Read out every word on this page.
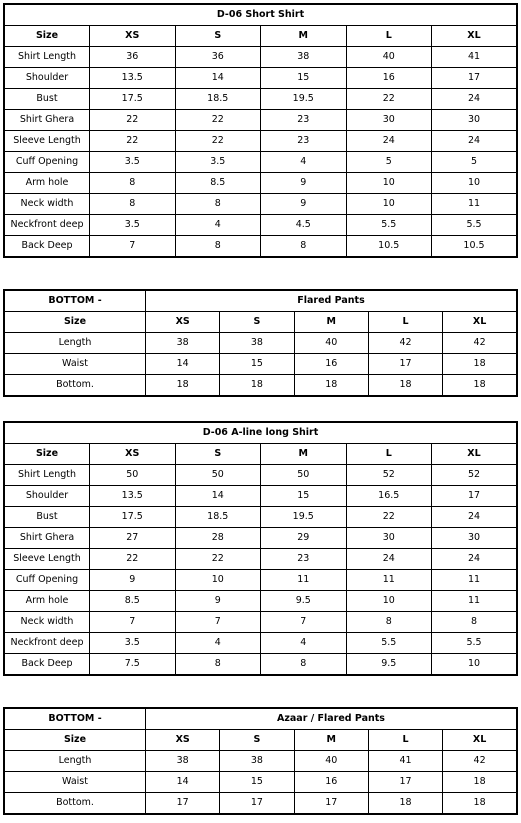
D-06 Short Shirt					
Size	XS	S	M	L	XL
Shirt Length	36	36	38	40	41
Shoulder	13.5	14	15	16	17
Bust	17.5	18.5	19.5	22	24
Shirt Ghera	22	22	23	30	30
Sleeve Length	22	22	23	24	24
Cuff Opening	3.5	3.5	4	5	5
Arm hole	8	8.5	9	10	10
Neck width	8	8	9	10	11
Neckfront deep	3.5	4	4.5	5.5	5.5
Back Deep	7	8	8	10.5	10.5
BOTTOM -	Flared Pants				
Size	XS	S	M	L	XL
Length	38	38	40	42	42
Waist	14	15	16	17	18
Bottom.	18	18	18	18	18
D-06 A-line long Shirt					
Size	XS	S	M	L	XL
Shirt Length	50	50	50	52	52
Shoulder	13.5	14	15	16.5	17
Bust	17.5	18.5	19.5	22	24
Shirt Ghera	27	28	29	30	30
Sleeve Length	22	22	23	24	24
Cuff Opening	9	10	11	11	11
Arm hole	8.5	9	9.5	10	11
Neck width	7	7	7	8	8
Neckfront deep	3.5	4	4	5.5	5.5
Back Deep	7.5	8	8	9.5	10
BOTTOM -	Azaar / Flared Pants				
Size	XS	S	M	L	XL
Length	38	38	40	41	42
Waist	14	15	16	17	18
Bottom.	17	17	17	18	18
